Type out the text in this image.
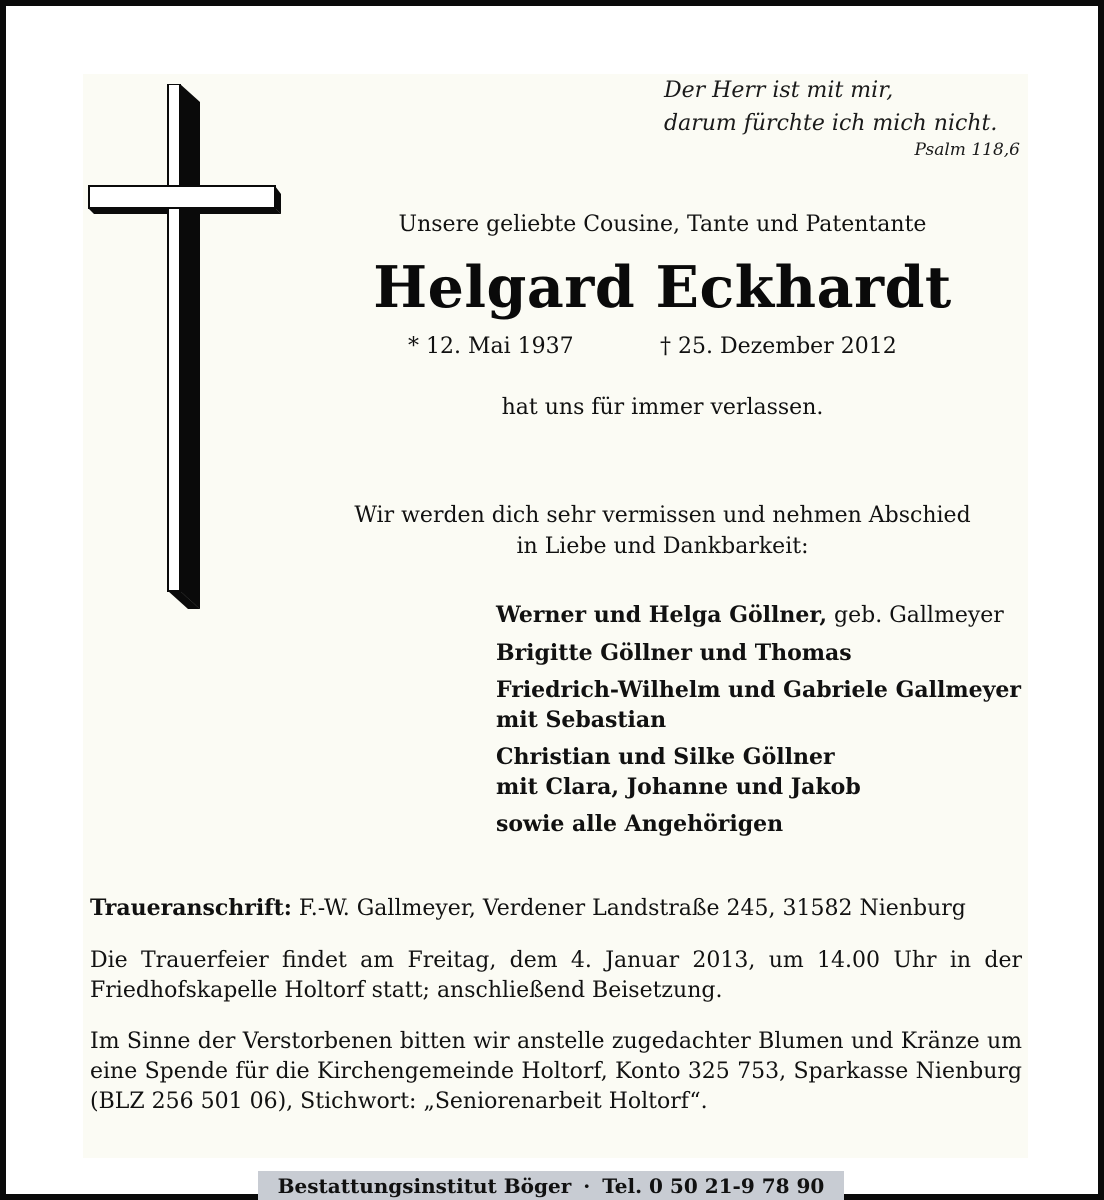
Der Herr ist mit mir,
darum fürchte ich mich nicht.
Psalm 118,6
Unsere geliebte Cousine, Tante und Patentante
Helgard Eckhardt
* 12. Mai 1937	† 25. Dezember 2012
hat uns für immer verlassen.
Wir werden dich sehr vermissen und nehmen Abschied
in Liebe und Dankbarkeit:
Werner und Helga Göllner, geb. Gallmeyer
Brigitte Göllner und Thomas
Friedrich-Wilhelm und Gabriele Gallmeyer
mit Sebastian
Christian und Silke Göllner
mit Clara, Johanne und Jakob
sowie alle Angehörigen
Traueranschrift: F.-W. Gallmeyer, Verdener Landstraße 245, 31582 Nienburg
Die Trauerfeier findet am Freitag, dem 4. Januar 2013, um 14.00 Uhr in der Friedhofskapelle Holtorf statt; anschließend Beisetzung.
Im Sinne der Verstorbenen bitten wir anstelle zugedachter Blumen und Kränze um eine Spende für die Kirchengemeinde Holtorf, Konto 325 753, Sparkasse Nienburg (BLZ 256 501 06), Stichwort: „Seniorenarbeit Holtorf“.
Bestattungsinstitut Böger · Tel. 0 50 21-9 78 90
